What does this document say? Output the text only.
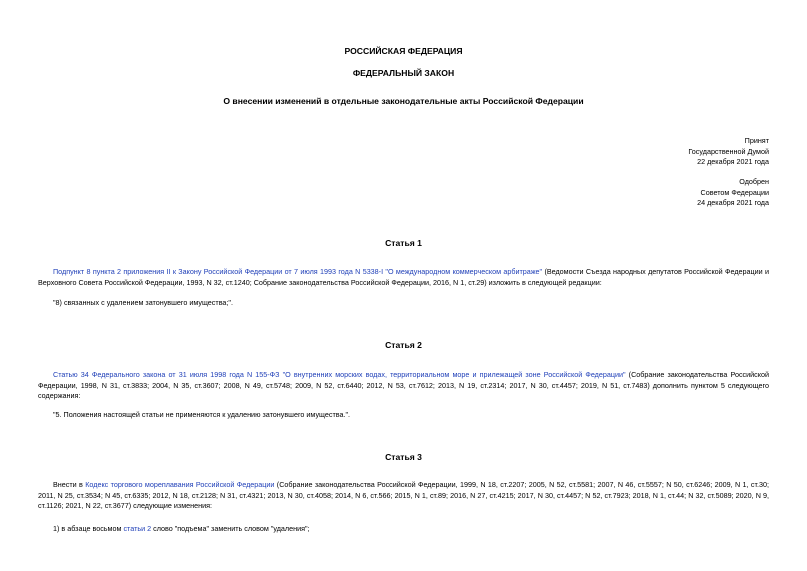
РОССИЙСКАЯ ФЕДЕРАЦИЯ
ФЕДЕРАЛЬНЫЙ ЗАКОН
О внесении изменений в отдельные законодательные акты Российской Федерации
Принят
Государственной Думой
22 декабря 2021 года
Одобрен
Советом Федерации
24 декабря 2021 года
Статья 1
Подпункт 8 пункта 2 приложения II к Закону Российской Федерации от 7 июля 1993 года N 5338-I "О международном коммерческом арбитраже" (Ведомости Съезда народных депутатов Российской Федерации и Верховного Совета Российской Федерации, 1993, N 32, ст.1240; Собрание законодательства Российской Федерации, 2016, N 1, ст.29) изложить в следующей редакции:
"8) связанных с удалением затонувшего имущества;".
Статья 2
Статью 34 Федерального закона от 31 июля 1998 года N 155-ФЗ "О внутренних морских водах, территориальном море и прилежащей зоне Российской Федерации" (Собрание законодательства Российской Федерации, 1998, N 31, ст.3833; 2004, N 35, ст.3607; 2008, N 49, ст.5748; 2009, N 52, ст.6440; 2012, N 53, ст.7612; 2013, N 19, ст.2314; 2017, N 30, ст.4457; 2019, N 51, ст.7483) дополнить пунктом 5 следующего содержания:
"5. Положения настоящей статьи не применяются к удалению затонувшего имущества.".
Статья 3
Внести в Кодекс торгового мореплавания Российской Федерации (Собрание законодательства Российской Федерации, 1999, N 18, ст.2207; 2005, N 52, ст.5581; 2007, N 46, ст.5557; N 50, ст.6246; 2009, N 1, ст.30; 2011, N 25, ст.3534; N 45, ст.6335; 2012, N 18, ст.2128; N 31, ст.4321; 2013, N 30, ст.4058; 2014, N 6, ст.566; 2015, N 1, ст.89; 2016, N 27, ст.4215; 2017, N 30, ст.4457; N 52, ст.7923; 2018, N 1, ст.44; N 32, ст.5089; 2020, N 9, ст.1126; 2021, N 22, ст.3677) следующие изменения:
1) в абзаце восьмом статьи 2 слово "подъема" заменить словом "удаления";
